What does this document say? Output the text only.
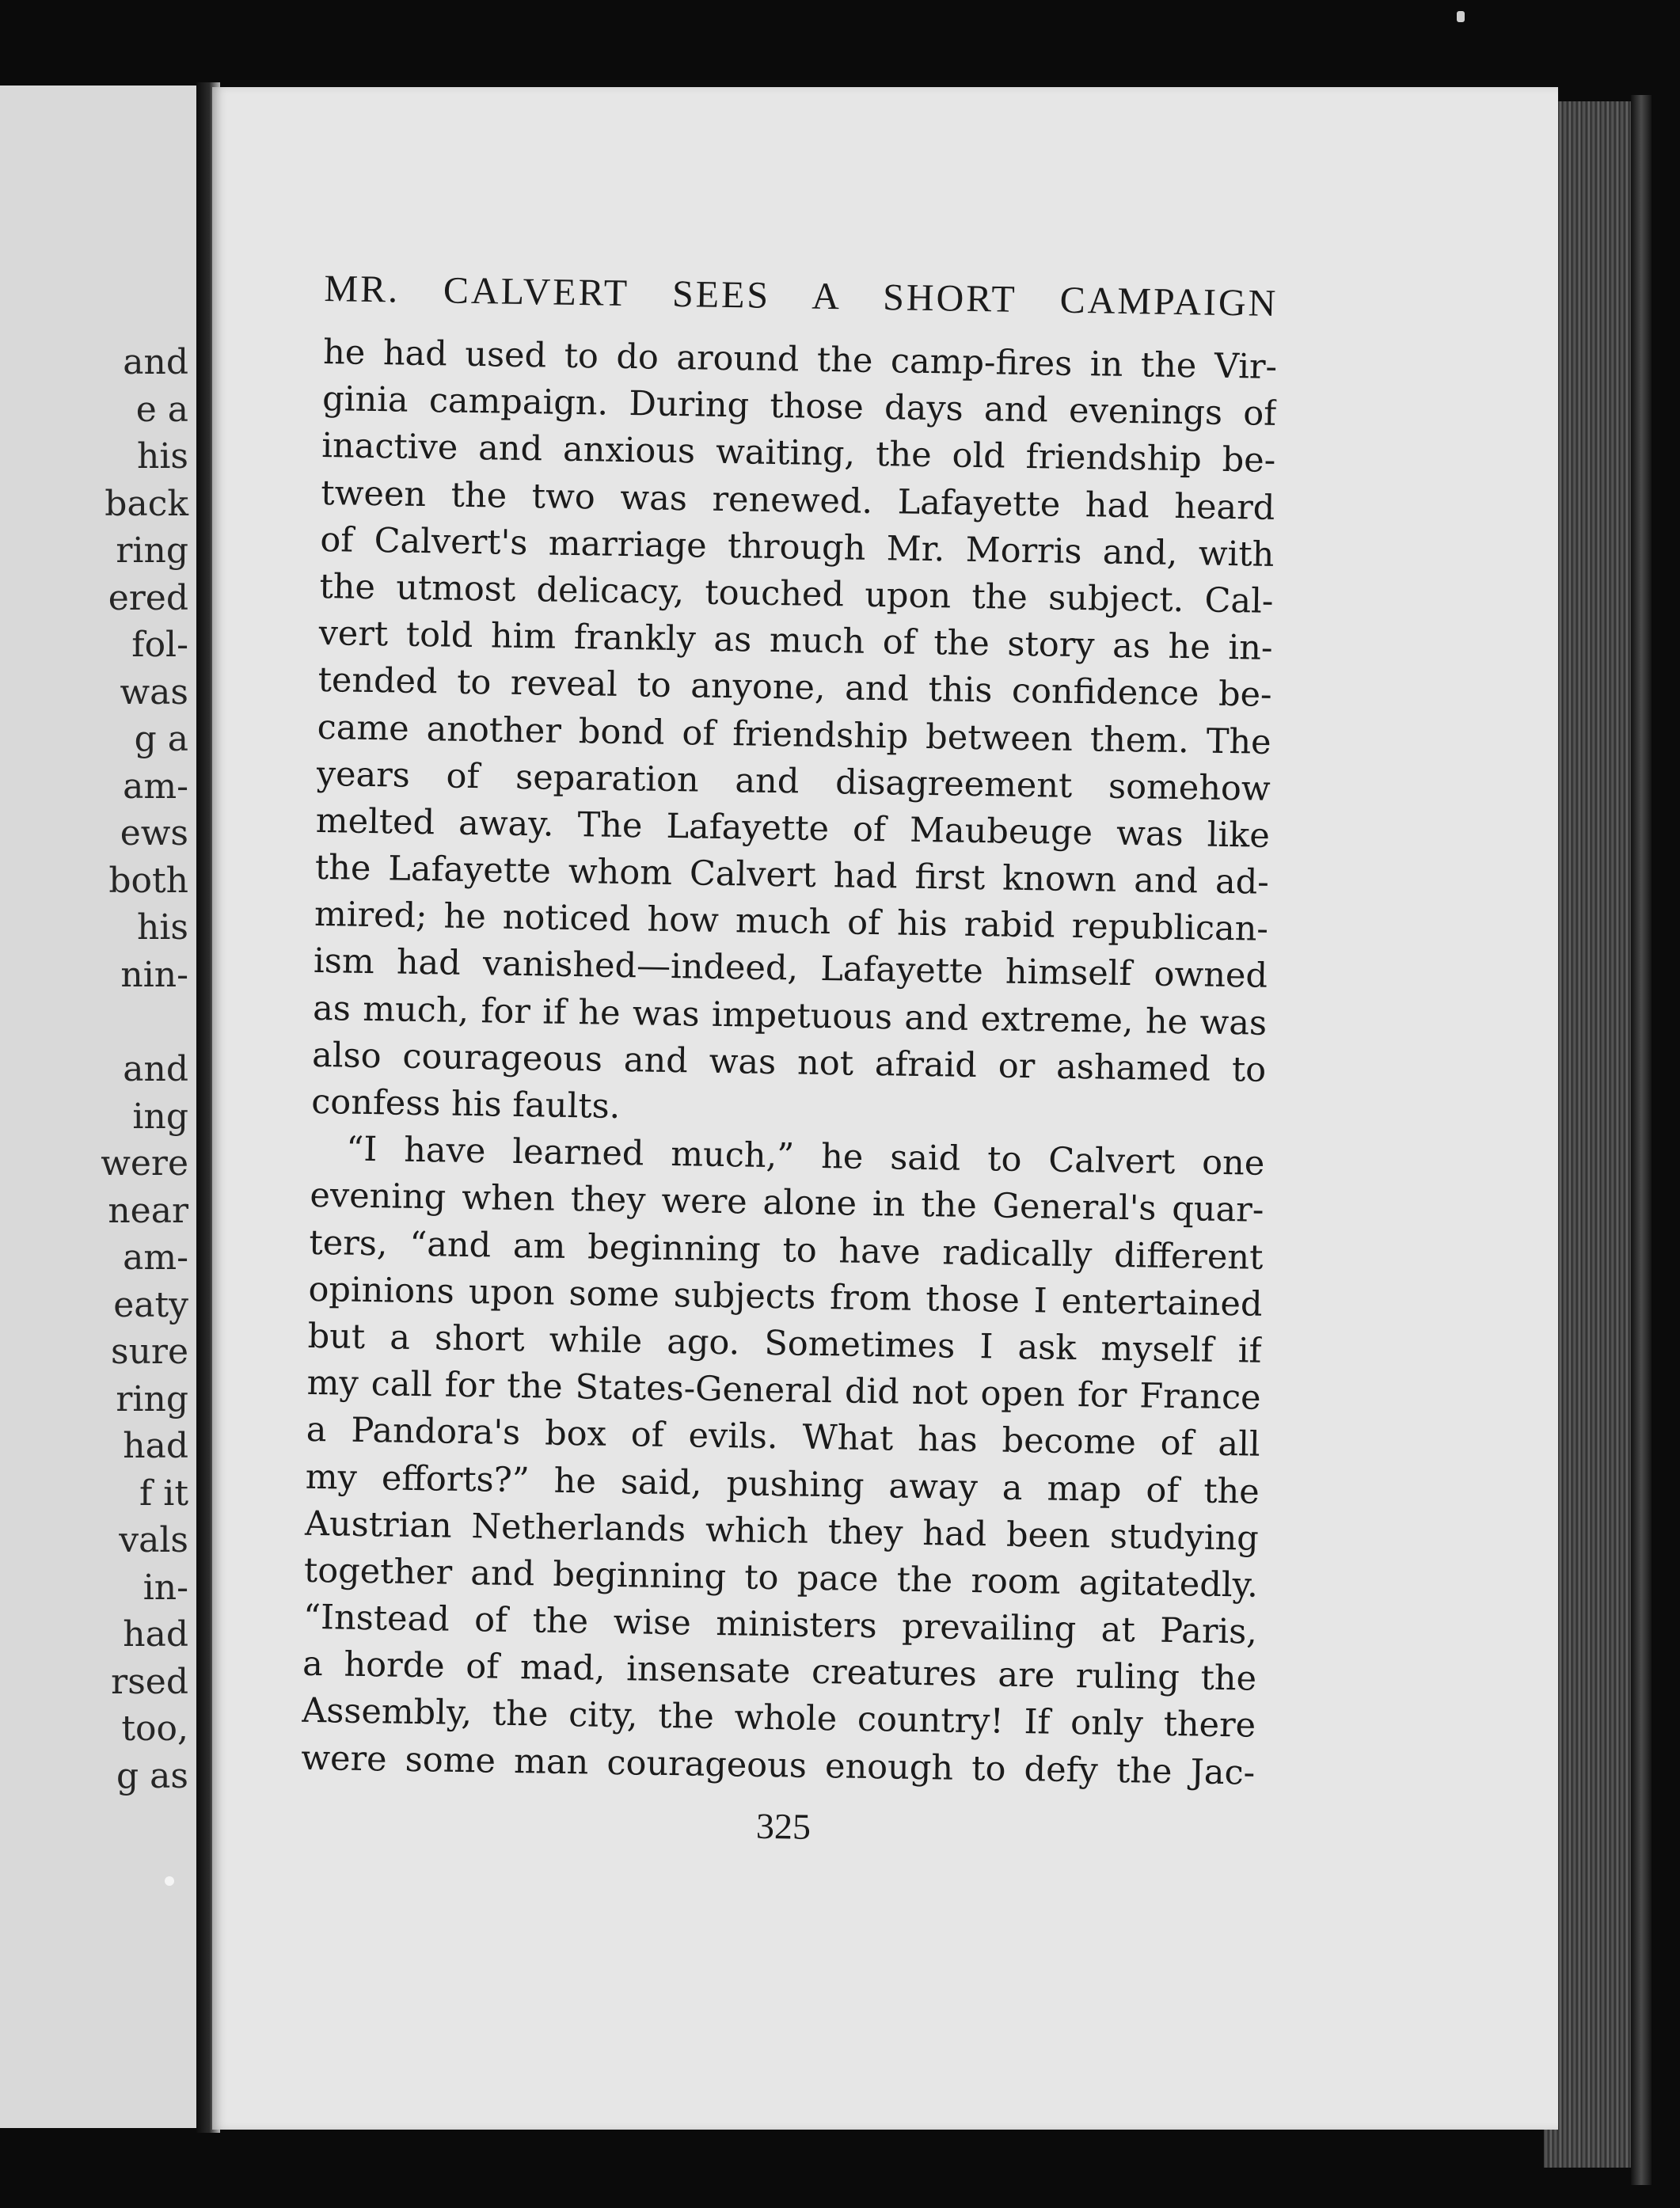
and
e a
his
back
ring
ered
fol-
was
g a
am-
ews
both
his
nin-
and
ing
were
near
am-
eaty
sure
ring
had
f it
vals
in-
had
rsed
too,
g as
MR. CALVERT SEES A SHORT CAMPAIGN
he had used to do around the camp-fires in the Vir-
ginia campaign. During those days and evenings of
inactive and anxious waiting, the old friendship be-
tween the two was renewed. Lafayette had heard
of Calvert's marriage through Mr. Morris and, with
the utmost delicacy, touched upon the subject. Cal-
vert told him frankly as much of the story as he in-
tended to reveal to anyone, and this confidence be-
came another bond of friendship between them. The
years of separation and disagreement somehow
melted away. The Lafayette of Maubeuge was like
the Lafayette whom Calvert had first known and ad-
mired; he noticed how much of his rabid republican-
ism had vanished—indeed, Lafayette himself owned
as much, for if he was impetuous and extreme, he was
also courageous and was not afraid or ashamed to
confess his faults.
“I have learned much,” he said to Calvert one
evening when they were alone in the General's quar-
ters, “and am beginning to have radically different
opinions upon some subjects from those I entertained
but a short while ago. Sometimes I ask myself if
my call for the States-General did not open for France
a Pandora's box of evils. What has become of all
my efforts?” he said, pushing away a map of the
Austrian Netherlands which they had been studying
together and beginning to pace the room agitatedly.
“Instead of the wise ministers prevailing at Paris,
a horde of mad, insensate creatures are ruling the
Assembly, the city, the whole country! If only there
were some man courageous enough to defy the Jac-
325
